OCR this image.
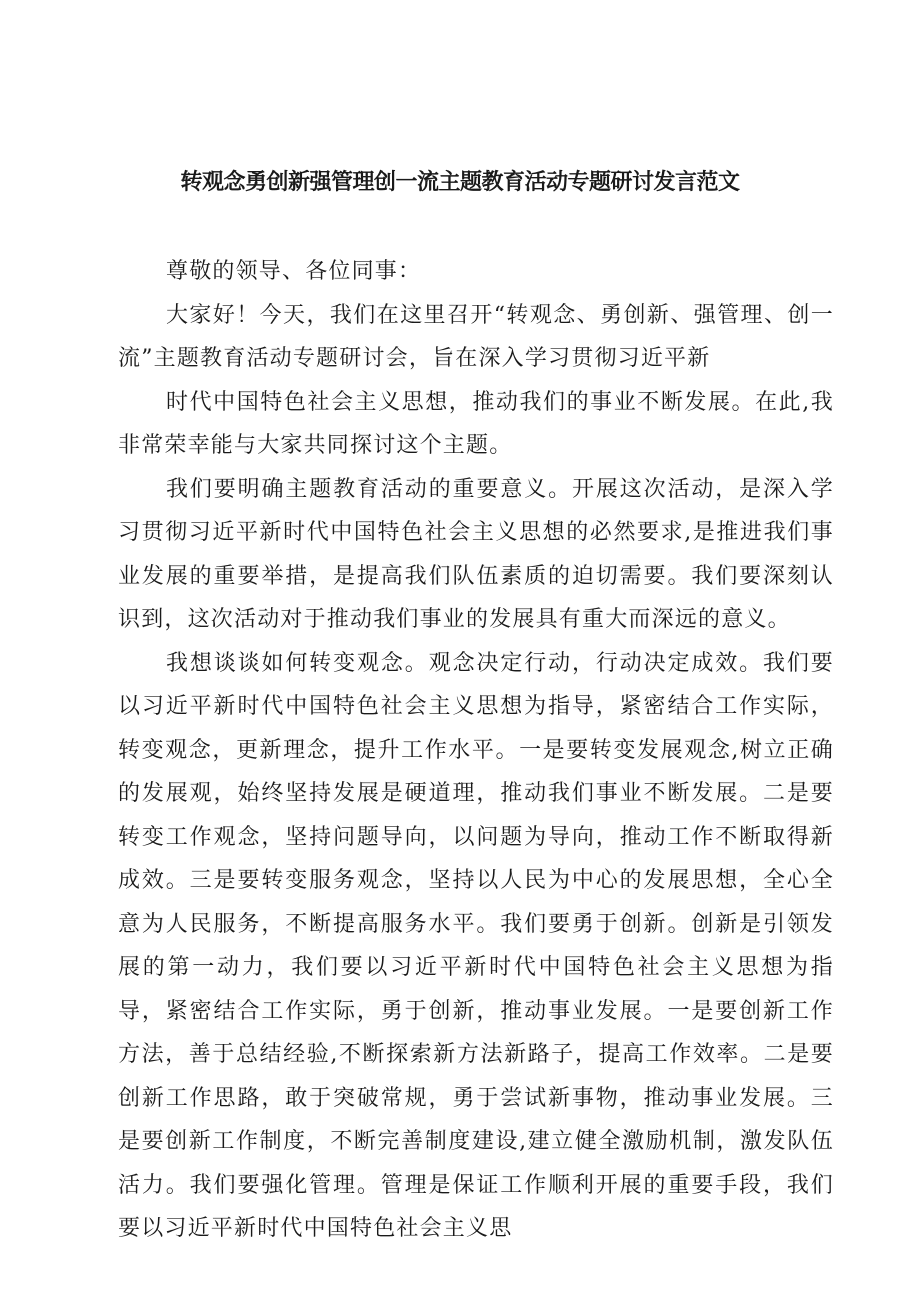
转观念勇创新强管理创一流主题教育活动专题研讨发言范文

尊敬的领导、各位同事：

大家好！今天，我们在这里召开“转观念、勇创新、强管理、创一流”主题教育活动专题研讨会，旨在深入学习贯彻习近平新

时代中国特色社会主义思想，推动我们的事业不断发展。在此,我非常荣幸能与大家共同探讨这个主题。

我们要明确主题教育活动的重要意义。开展这次活动，是深入学习贯彻习近平新时代中国特色社会主义思想的必然要求,是推进我们事业发展的重要举措，是提高我们队伍素质的迫切需要。我们要深刻认识到，这次活动对于推动我们事业的发展具有重大而深远的意义。

我想谈谈如何转变观念。观念决定行动，行动决定成效。我们要以习近平新时代中国特色社会主义思想为指导，紧密结合工作实际，转变观念，更新理念，提升工作水平。一是要转变发展观念,树立正确的发展观，始终坚持发展是硬道理，推动我们事业不断发展。二是要转变工作观念，坚持问题导向，以问题为导向，推动工作不断取得新成效。三是要转变服务观念，坚持以人民为中心的发展思想，全心全意为人民服务，不断提高服务水平。我们要勇于创新。创新是引领发展的第一动力，我们要以习近平新时代中国特色社会主义思想为指导，紧密结合工作实际，勇于创新，推动事业发展。一是要创新工作方法，善于总结经验,不断探索新方法新路子，提高工作效率。二是要创新工作思路，敢于突破常规，勇于尝试新事物，推动事业发展。三是要创新工作制度，不断完善制度建设,建立健全激励机制，激发队伍活力。我们要强化管理。管理是保证工作顺利开展的重要手段，我们要以习近平新时代中国特色社会主义思
